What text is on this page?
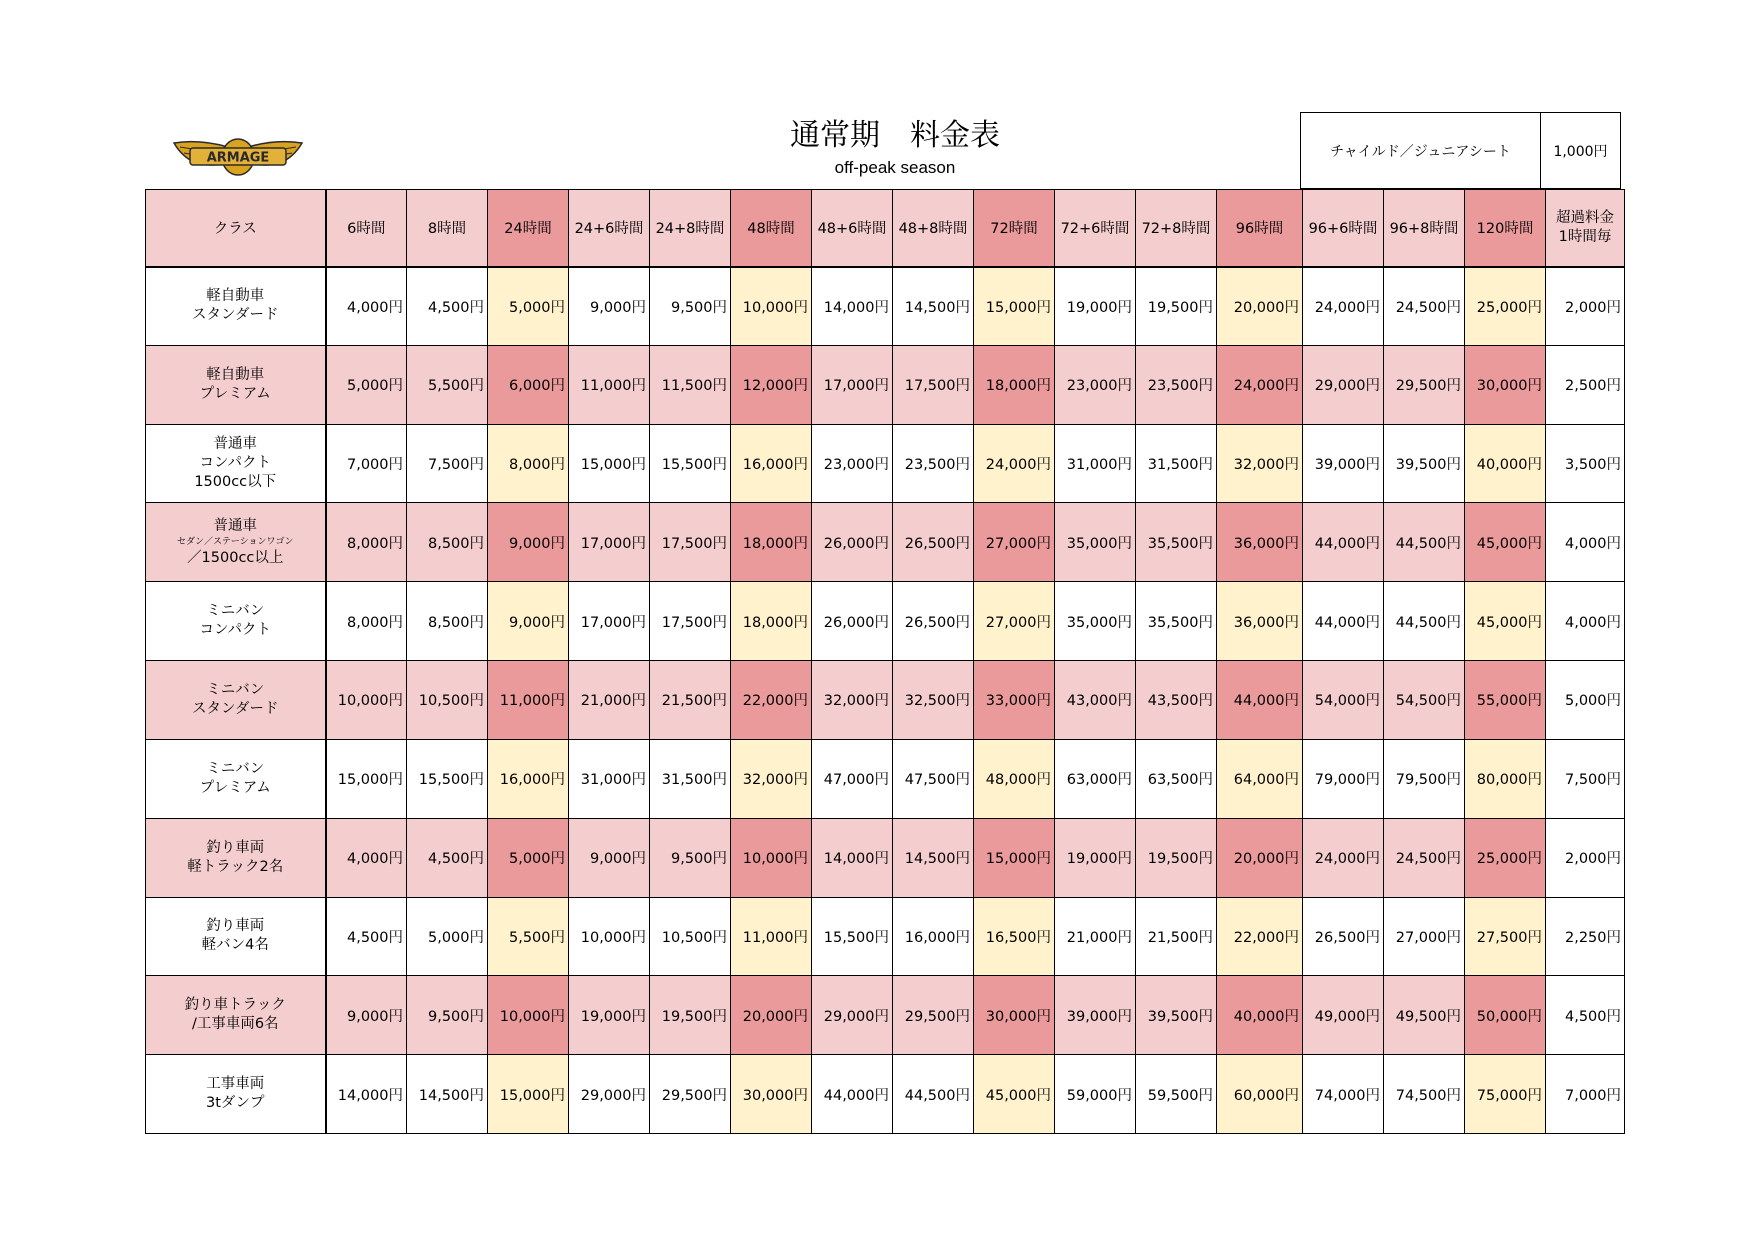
ARMAGE
通常期　料金表
off-peak season
チャイルド／ジュニアシート	1,000円
クラス	6時間	8時間	24時間	24+6時間	24+8時間	48時間	48+6時間	48+8時間	72時間	72+6時間	72+8時間	96時間	96+6時間	96+8時間	120時間	超過料金
1時間毎

軽自動車
スタンダード	4,000円	4,500円	5,000円	9,000円	9,500円	10,000円	14,000円	14,500円	15,000円	19,000円	19,500円	20,000円	24,000円	24,500円	25,000円	2,000円

軽自動車
プレミアム	5,000円	5,500円	6,000円	11,000円	11,500円	12,000円	17,000円	17,500円	18,000円	23,000円	23,500円	24,000円	29,000円	29,500円	30,000円	2,500円

普通車
コンパクト
1500cc以下	7,000円	7,500円	8,000円	15,000円	15,500円	16,000円	23,000円	23,500円	24,000円	31,000円	31,500円	32,000円	39,000円	39,500円	40,000円	3,500円

普通車
セダン／ステーションワゴン
／1500cc以上	8,000円	8,500円	9,000円	17,000円	17,500円	18,000円	26,000円	26,500円	27,000円	35,000円	35,500円	36,000円	44,000円	44,500円	45,000円	4,000円

ミニバン
コンパクト	8,000円	8,500円	9,000円	17,000円	17,500円	18,000円	26,000円	26,500円	27,000円	35,000円	35,500円	36,000円	44,000円	44,500円	45,000円	4,000円

ミニバン
スタンダード	10,000円	10,500円	11,000円	21,000円	21,500円	22,000円	32,000円	32,500円	33,000円	43,000円	43,500円	44,000円	54,000円	54,500円	55,000円	5,000円

ミニバン
プレミアム	15,000円	15,500円	16,000円	31,000円	31,500円	32,000円	47,000円	47,500円	48,000円	63,000円	63,500円	64,000円	79,000円	79,500円	80,000円	7,500円

釣り車両
軽トラック2名	4,000円	4,500円	5,000円	9,000円	9,500円	10,000円	14,000円	14,500円	15,000円	19,000円	19,500円	20,000円	24,000円	24,500円	25,000円	2,000円

釣り車両
軽バン4名	4,500円	5,000円	5,500円	10,000円	10,500円	11,000円	15,500円	16,000円	16,500円	21,000円	21,500円	22,000円	26,500円	27,000円	27,500円	2,250円

釣り車トラック
/工事車両6名	9,000円	9,500円	10,000円	19,000円	19,500円	20,000円	29,000円	29,500円	30,000円	39,000円	39,500円	40,000円	49,000円	49,500円	50,000円	4,500円

工事車両
3tダンプ	14,000円	14,500円	15,000円	29,000円	29,500円	30,000円	44,000円	44,500円	45,000円	59,000円	59,500円	60,000円	74,000円	74,500円	75,000円	7,000円
